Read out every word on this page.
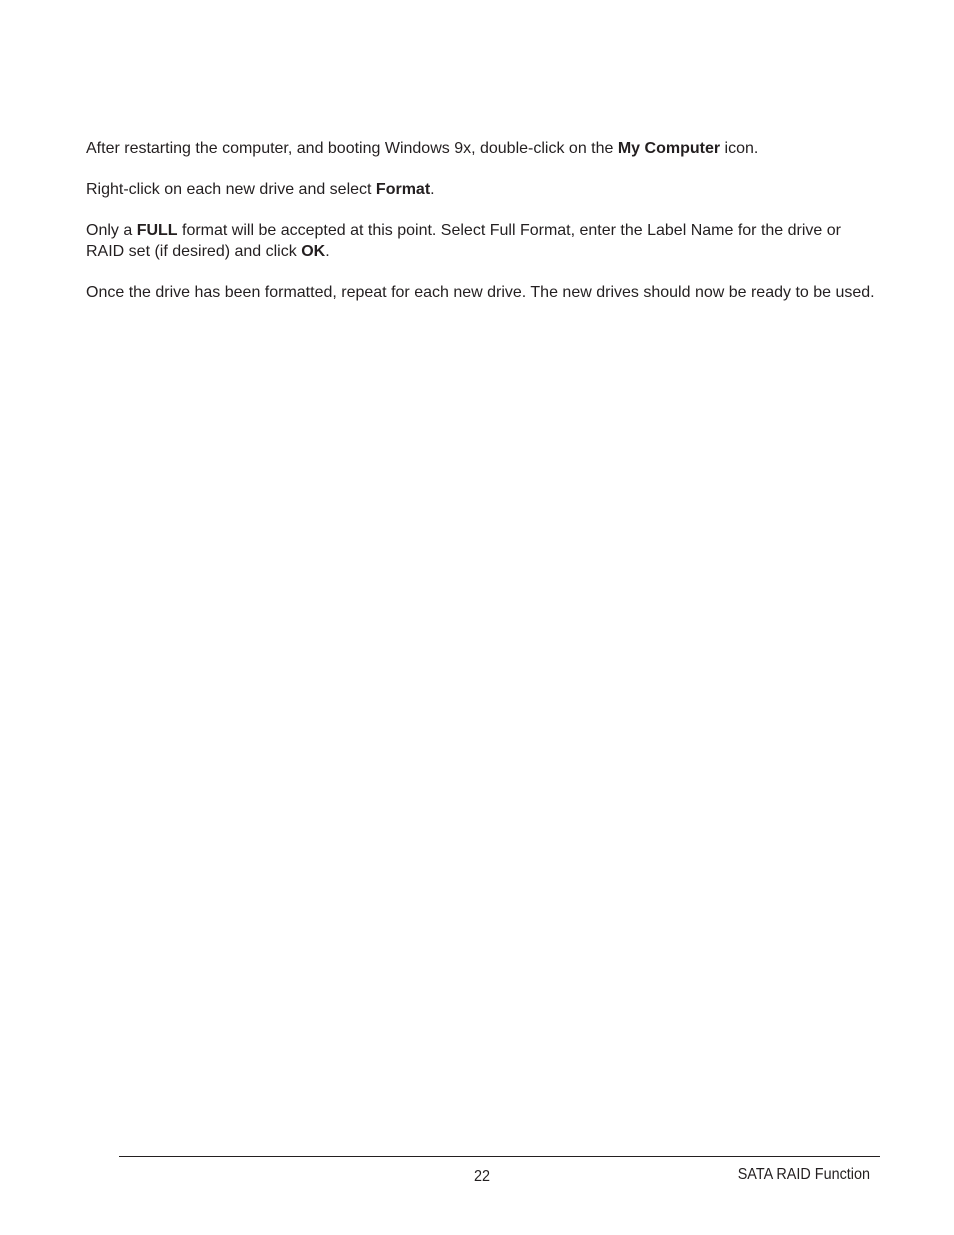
After restarting the computer, and booting Windows 9x, double-click on the My Computer icon.

Right-click on each new drive and select Format.

Only a FULL format will be accepted at this point. Select Full Format, enter the Label Name for the drive or RAID set (if desired) and click OK.

Once the drive has been formatted, repeat for each new drive. The new drives should now be ready to be used.

22	SATA RAID Function
